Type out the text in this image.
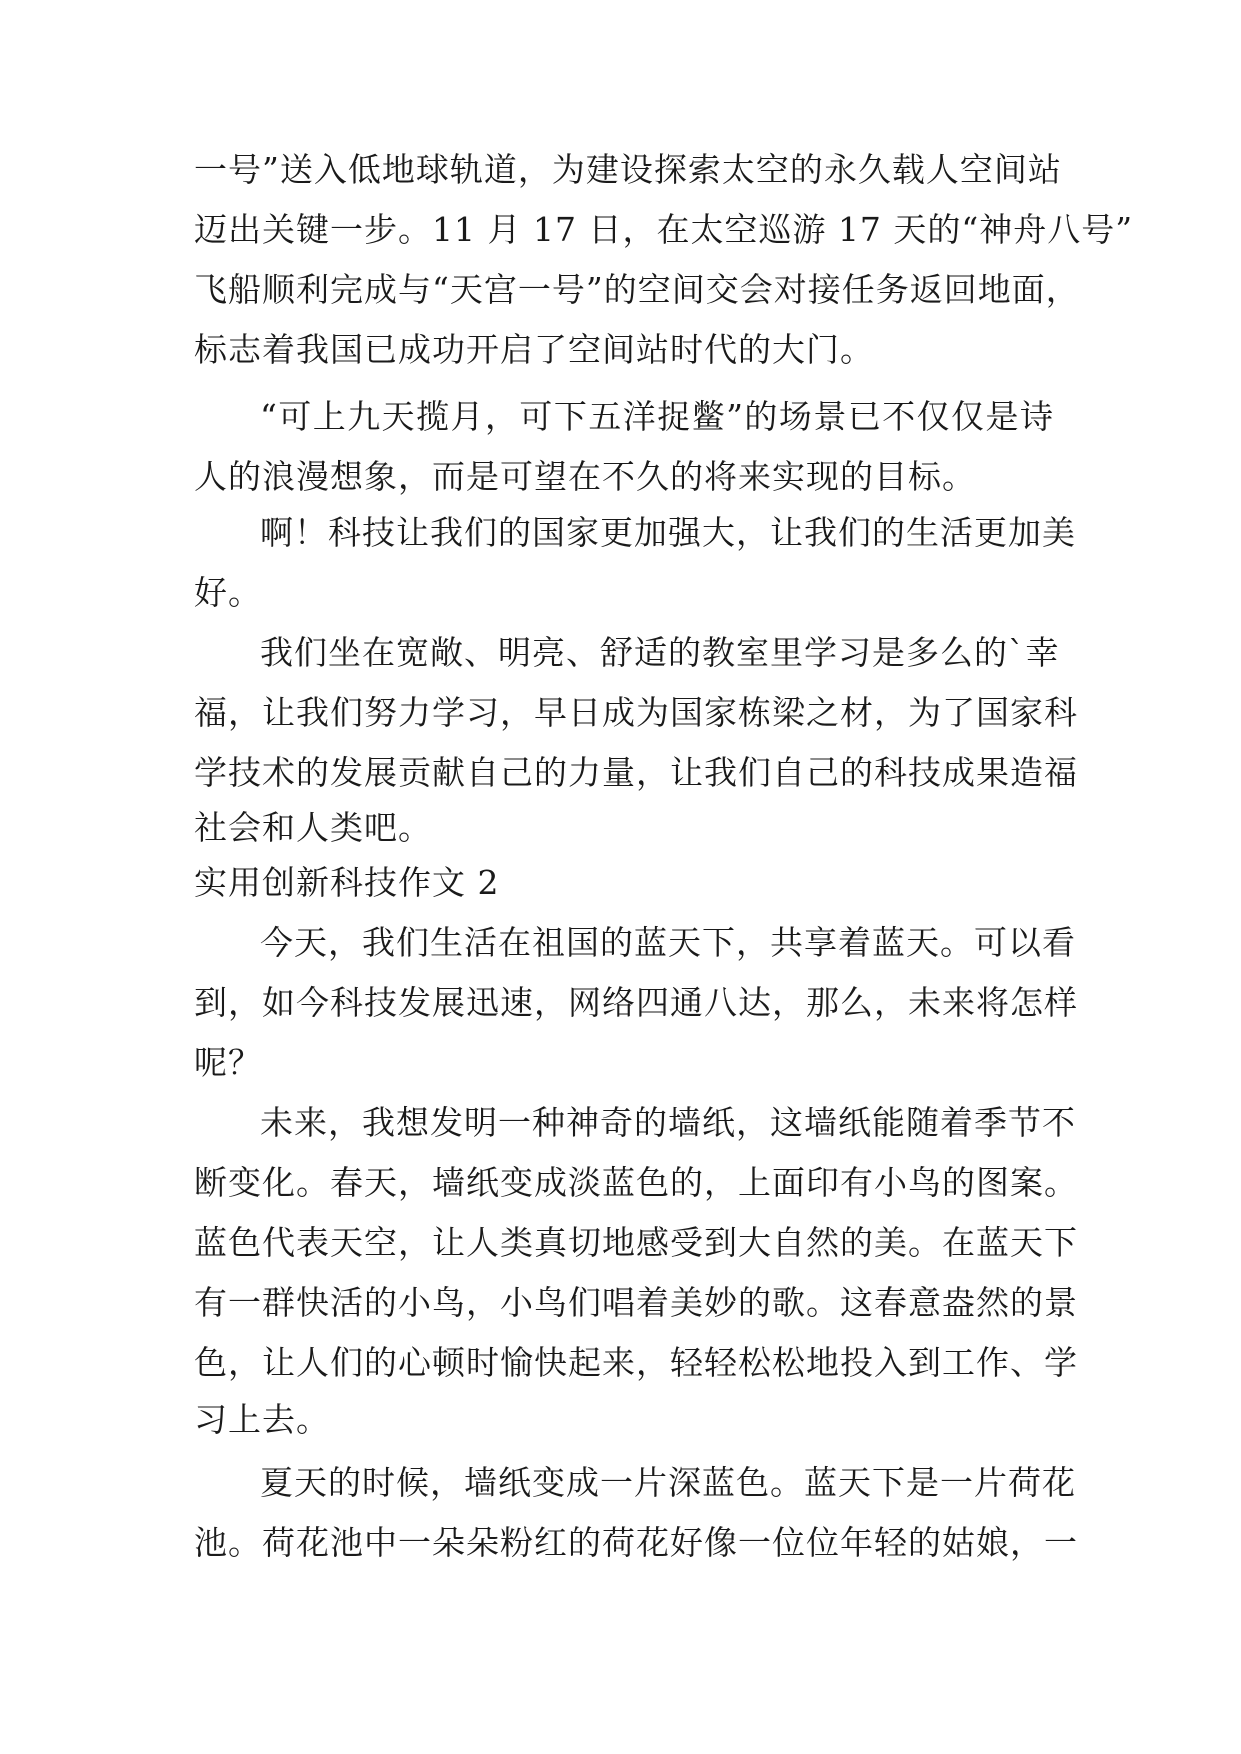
一号”送入低地球轨道，为建设探索太空的永久载人空间站
迈出关键一步。11 月 17 日，在太空巡游 17 天的“神舟八号”
飞船顺利完成与“天宫一号”的空间交会对接任务返回地面，
标志着我国已成功开启了空间站时代的大门。
“可上九天揽月，可下五洋捉鳖”的场景已不仅仅是诗
人的浪漫想象，而是可望在不久的将来实现的目标。
啊！科技让我们的国家更加强大，让我们的生活更加美
好。
我们坐在宽敞、明亮、舒适的教室里学习是多么的`幸
福，让我们努力学习，早日成为国家栋梁之材，为了国家科
学技术的发展贡献自己的力量，让我们自己的科技成果造福
社会和人类吧。
实用创新科技作文 2
今天，我们生活在祖国的蓝天下，共享着蓝天。可以看
到，如今科技发展迅速，网络四通八达，那么，未来将怎样
呢？
未来，我想发明一种神奇的墙纸，这墙纸能随着季节不
断变化。春天，墙纸变成淡蓝色的，上面印有小鸟的图案。
蓝色代表天空，让人类真切地感受到大自然的美。在蓝天下
有一群快活的小鸟，小鸟们唱着美妙的歌。这春意盎然的景
色，让人们的心顿时愉快起来，轻轻松松地投入到工作、学
习上去。
夏天的时候，墙纸变成一片深蓝色。蓝天下是一片荷花
池。荷花池中一朵朵粉红的荷花好像一位位年轻的姑娘，一
